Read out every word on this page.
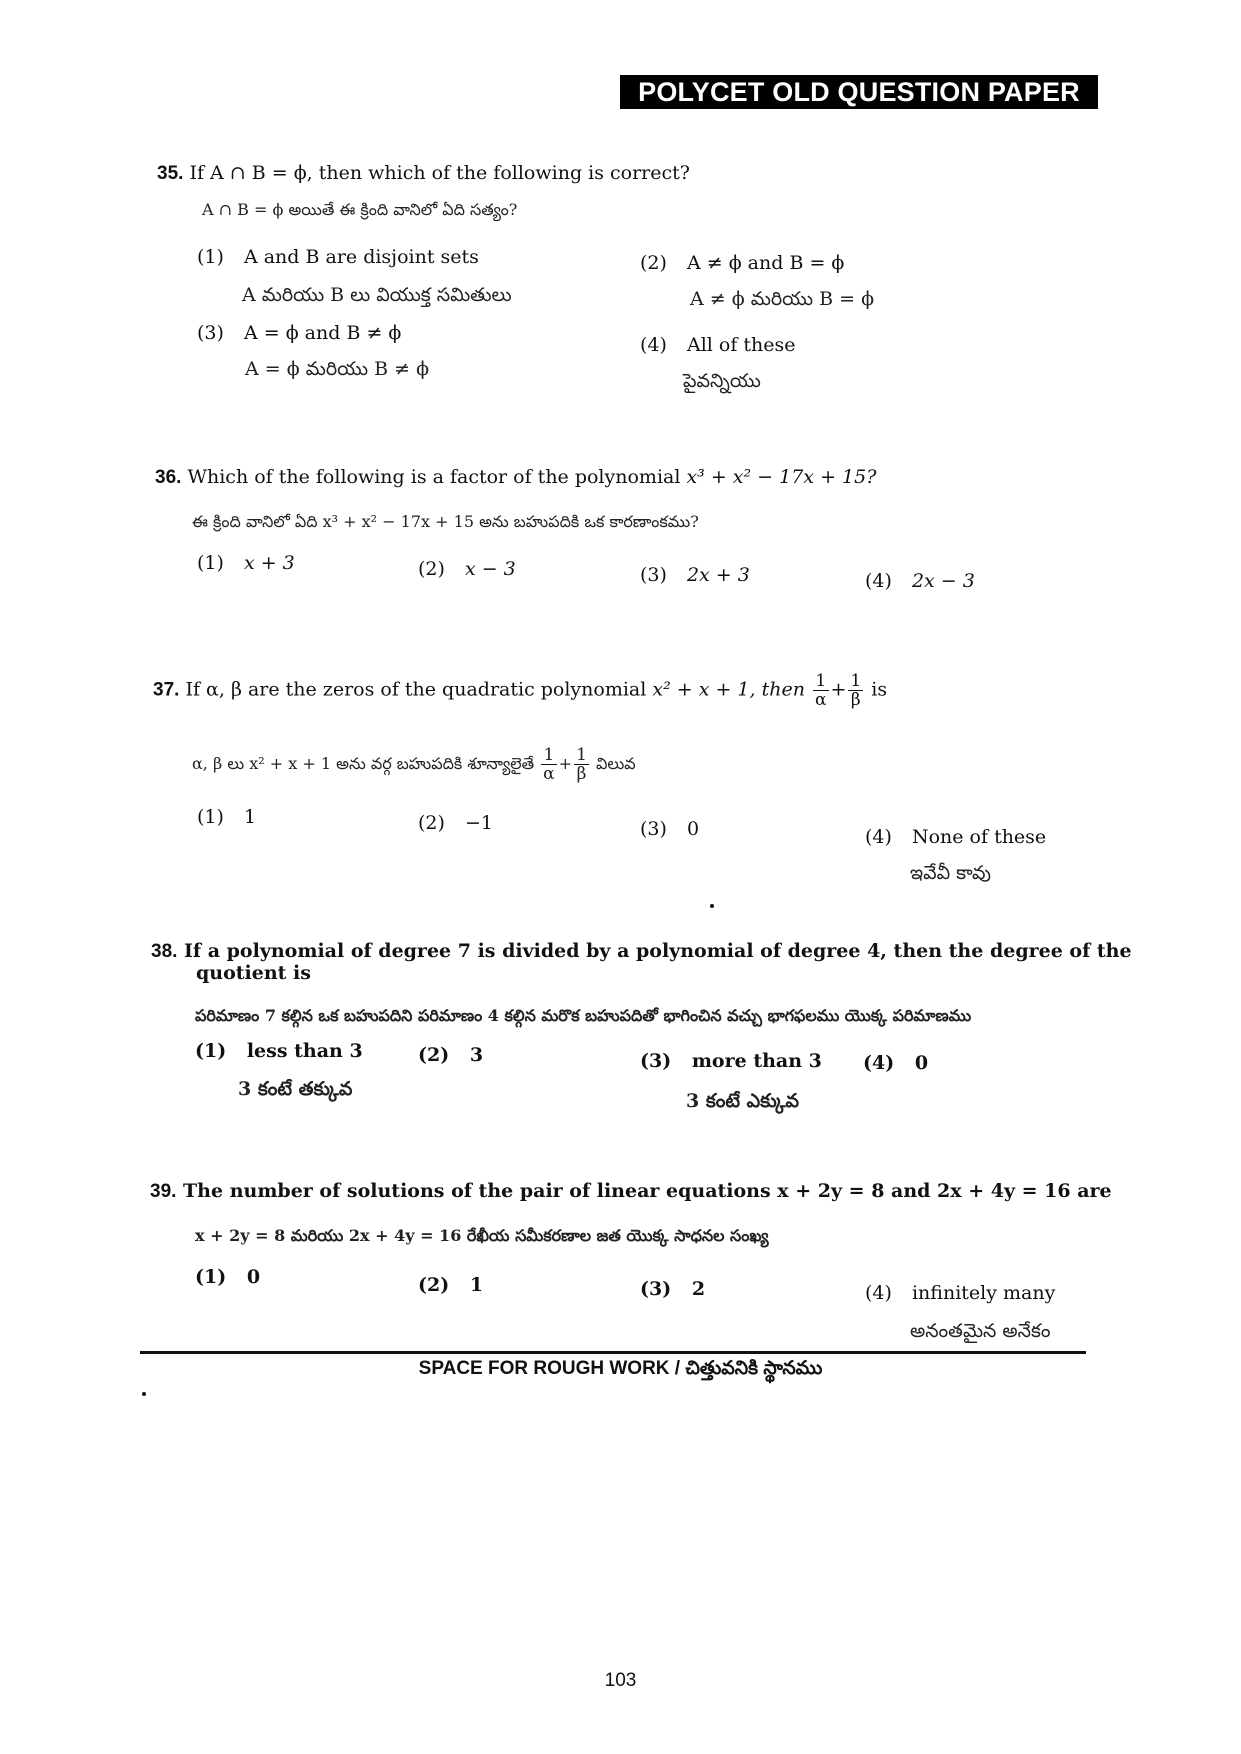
POLYCET OLD QUESTION PAPER
35. If A ∩ B = ϕ, then which of the following is correct?
A ∩ B = ϕ అయితే ఈ క్రింది వానిలో ఏది సత్యం?
(1) A and B are disjoint sets
A మరియు B లు వియుక్త సమితులు
(2) A ≠ ϕ and B = ϕ
A ≠ ϕ మరియు B = ϕ
(3) A = ϕ and B ≠ ϕ
A = ϕ మరియు B ≠ ϕ
(4) All of these
పైవన్నియు
36. Which of the following is a factor of the polynomial x³ + x² − 17x + 15?
ఈ క్రింది వానిలో ఏది x³ + x² − 17x + 15 అను బహుపదికి ఒక కారణాంకము?
(1) x + 3	(2) x − 3	(3) 2x + 3	(4) 2x − 3
37. If α, β are the zeros of the quadratic polynomial x² + x + 1, then $\frac{1}{\alpha} + \frac{1}{\beta}$ is
α, β లు x² + x + 1 అను వర్గ బహుపదికి శూన్యాలైతే $\frac{1}{\alpha} + \frac{1}{\beta}$ విలువ
(1) 1	(2) −1	(3) 0	(4) None of these
ఇవేవీ కావు
38. If a polynomial of degree 7 is divided by a polynomial of degree 4, then the degree of the
quotient is
పరిమాణం 7 కల్గిన ఒక బహుపదిని పరిమాణం 4 కల్గిన మరొక బహుపదితో భాగించిన వచ్చు భాగఫలము యొక్క పరిమాణము
(1) less than 3
3 కంటే తక్కువ
(2) 3	(3) more than 3
3 కంటే ఎక్కువ
(4) 0
39. The number of solutions of the pair of linear equations x + 2y = 8 and 2x + 4y = 16 are
x + 2y = 8 మరియు 2x + 4y = 16 రేఖీయ సమీకరణాల జత యొక్క సాధనల సంఖ్య
(1) 0	(2) 1	(3) 2	(4) infinitely many
అనంతమైన అనేకం
SPACE FOR ROUGH WORK / చిత్తువనికి స్థానము
103
